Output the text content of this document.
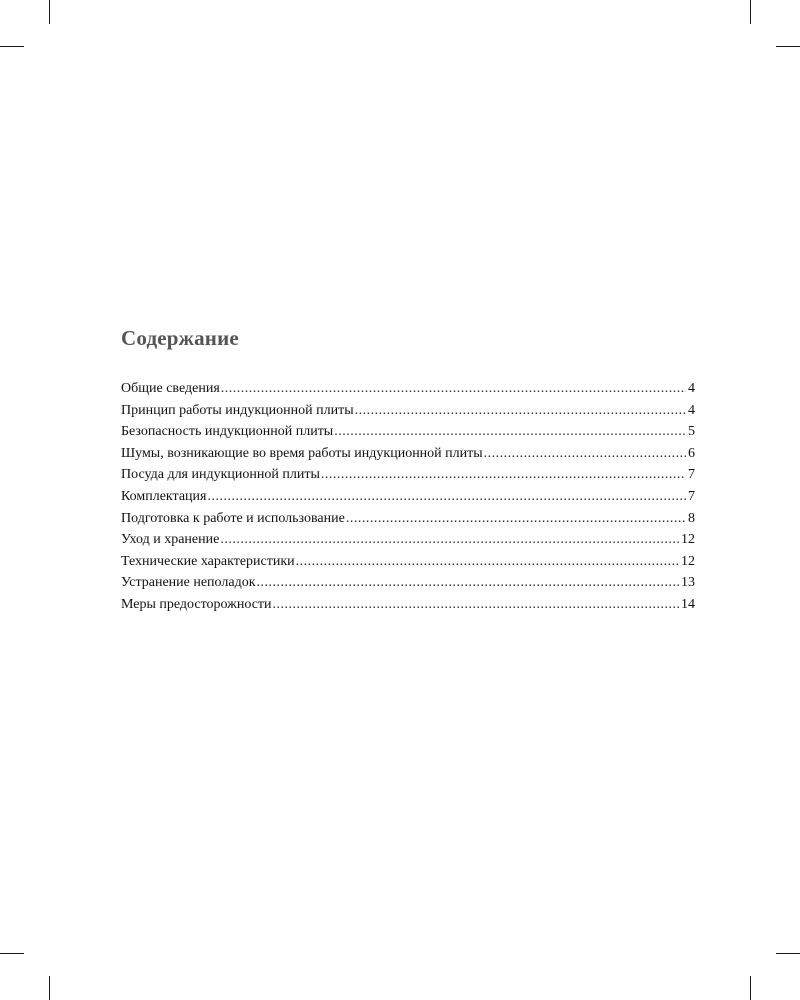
Содержание
Общие сведения .....	4
Принцип работы индукционной плиты .....	4
Безопасность индукционной плиты .....	5
Шумы, возникающие во время работы индукционной плиты .....	6
Посуда для индукционной плиты .....	7
Комплектация .....	7
Подготовка к работе и использование .....	8
Уход и хранение .....	12
Технические характеристики .....	12
Устранение неполадок .....	13
Меры предосторожности .....	14
